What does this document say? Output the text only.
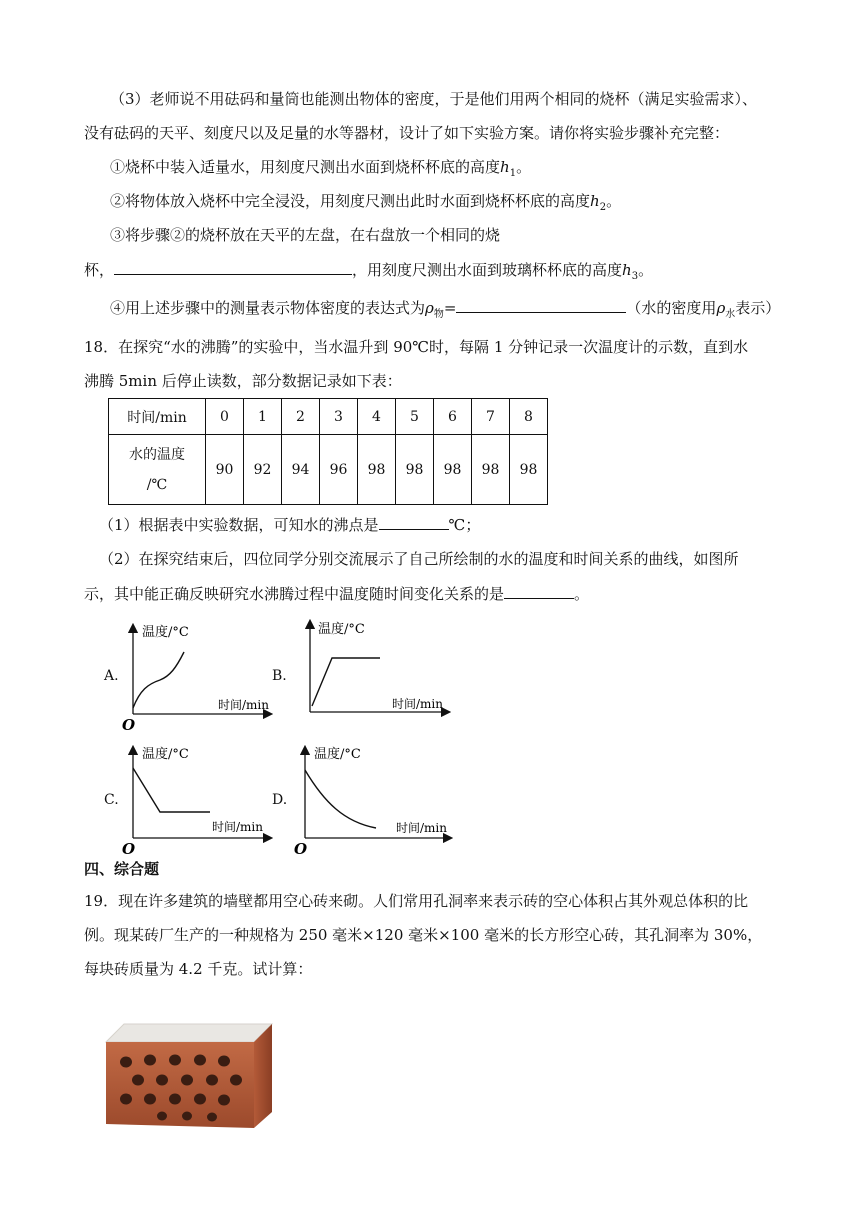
（3）老师说不用砝码和量筒也能测出物体的密度，于是他们用两个相同的烧杯（满足实验需求）、
没有砝码的天平、刻度尺以及足量的水等器材，设计了如下实验方案。请你将实验步骤补充完整：
①烧杯中装入适量水，用刻度尺测出水面到烧杯杯底的高度$h_1$。
②将物体放入烧杯中完全浸没，用刻度尺测出此时水面到烧杯杯底的高度$h_2$。
③将步骤②的烧杯放在天平的左盘，在右盘放一个相同的烧
杯，	，用刻度尺测出水面到玻璃杯杯底的高度$h_3$。
④用上述步骤中的测量表示物体密度的表达式为$\rho_物=$	（水的密度用$\rho_水$表示）
18．在探究“水的沸腾”的实验中，当水温升到 90℃时，每隔 1 分钟记录一次温度计的示数，直到水
沸腾 5min 后停止读数，部分数据记录如下表：
时间/min	0	1	2	3	4	5	6	7	8

水的温度
/℃	90	92	94	96	98	98	98	98	98
（1）根据表中实验数据，可知水的沸点是	℃；
（2）在探究结束后，四位同学分别交流展示了自己所绘制的水的温度和时间关系的曲线，如图所
示，其中能正确反映研究水沸腾过程中温度随时间变化关系的是	。
A.	B.
C.	D.
温度/°C
时间/min
O
温度/°C
时间/min
温度/°C
时间/min
O
温度/°C
时间/min
O
四、综合题
19．现在许多建筑的墙壁都用空心砖来砌。人们常用孔洞率来表示砖的空心体积占其外观总体积的比
例。现某砖厂生产的一种规格为 250 毫米×120 毫米×100 毫米的长方形空心砖，其孔洞率为 30%，
每块砖质量为 4.2 千克。试计算：
